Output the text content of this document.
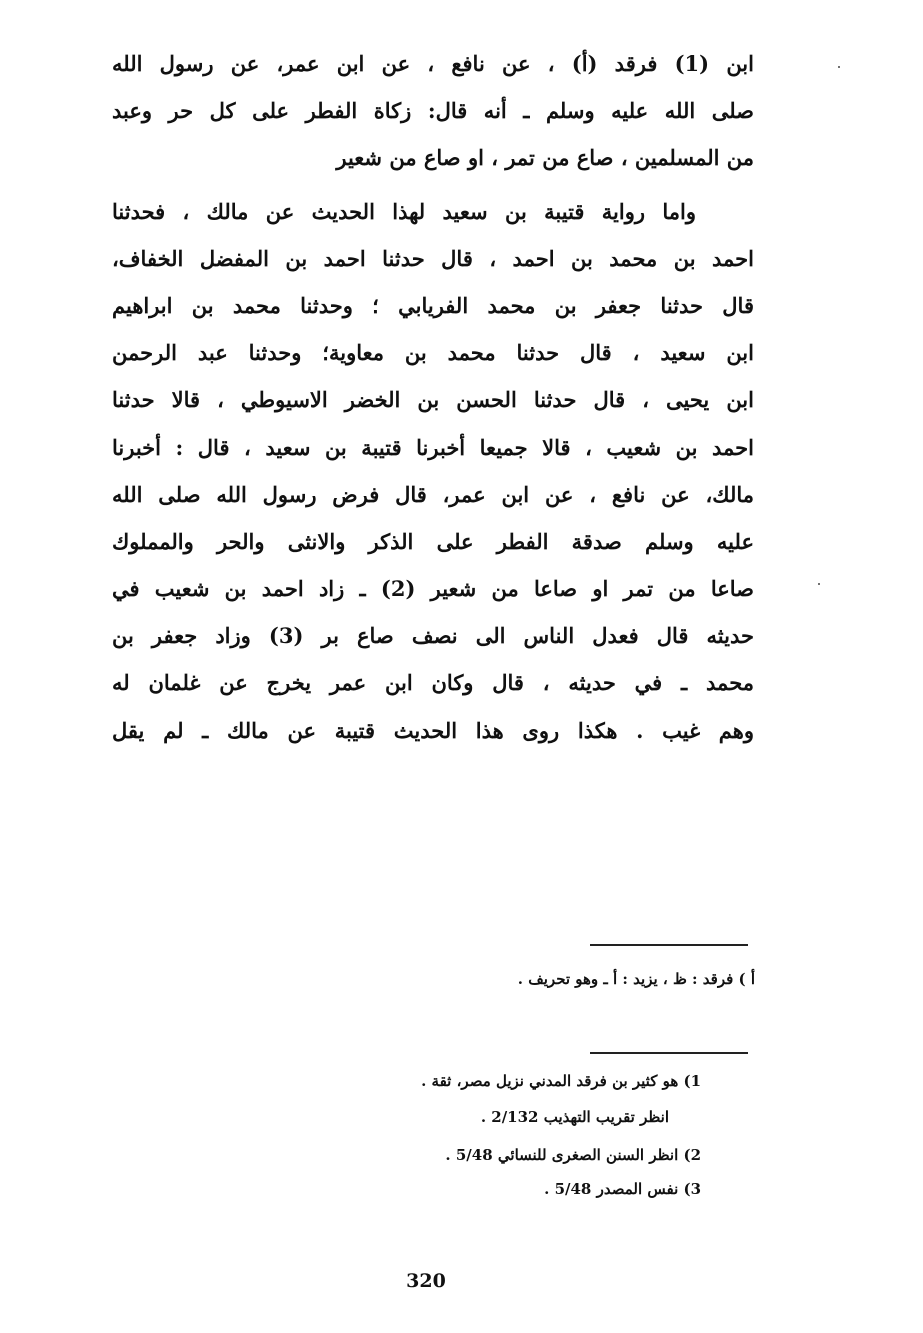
ابن (1) فرقد (أ) ، عن نافع ، عن ابن عمر، عن رسول الله
صلى الله عليه وسلم ـ أنه قال: زكاة الفطر على كل حر وعبد
من المسلمين ، صاع من تمر ، او صاع من شعير
واما رواية قتيبة بن سعيد لهذا الحديث عن مالك ، فحدثنا
احمد بن محمد بن احمد ، قال حدثنا احمد بن المفضل الخفاف،
قال حدثنا جعفر بن محمد الفريابي ؛ وحدثنا محمد بن ابراهيم
ابن سعيد ، قال حدثنا محمد بن معاوية؛ وحدثنا عبد الرحمن
ابن يحيى ، قال حدثنا الحسن بن الخضر الاسيوطي ، قالا حدثنا
احمد بن شعيب ، قالا جميعا أخبرنا قتيبة بن سعيد ، قال : أخبرنا
مالك، عن نافع ، عن ابن عمر، قال فرض رسول الله صلى الله
عليه وسلم صدقة الفطر على الذكر والانثى والحر والمملوك
صاعا من تمر او صاعا من شعير (2) ـ زاد احمد بن شعيب في
حديثه قال فعدل الناس الى نصف صاع بر (3) وزاد جعفر بن
محمد ـ في حديثه ، قال وكان ابن عمر يخرج عن غلمان له
وهم غيب . هكذا روى هذا الحديث قتيبة عن مالك ـ لم يقل
أ ) فرقد : ظ ، يزيد : أ ـ وهو تحريف .
1) هو كثير بن فرقد المدني نزيل مصر، ثقة .
انظر تقريب التهذيب 2/132 .
2) انظر السنن الصغرى للنسائي 5/48 .
3) نفس المصدر 5/48 .
320
